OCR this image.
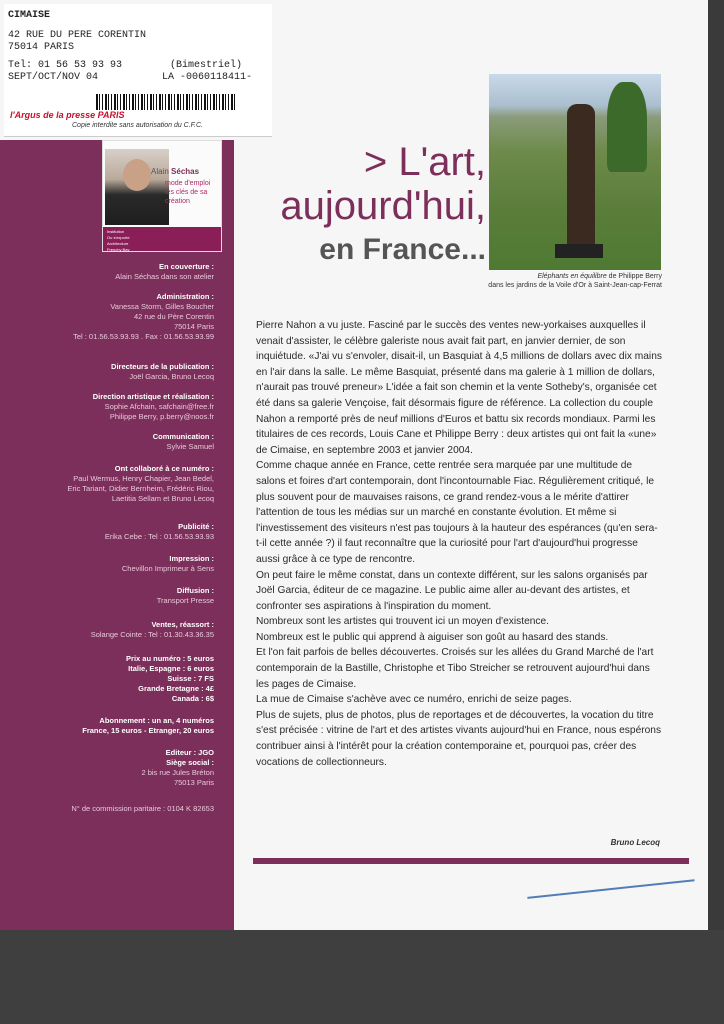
CIMAISE
42 RUE DU PERE CORENTIN
75014 PARIS
Tel: 01 56 53 93 93	(Bimestriel)
SEPT/OCT/NOV 04	LA -0060118411-
l'Argus de la presse PARIS
Copie interdite sans autorisation du C.F.C.
Alain Séchas
mode d'emploi les clés de sa création
Institution
Ou s'exporte
Architecture
Frenchy Bay
En couverture :
Alain Séchas dans son atelier
Administration :
Vanessa Storm, Gilles Boucher
42 rue du Père Corentin
75014 Paris
Tel : 01.56.53.93.93 . Fax : 01.56.53.93.99
Directeurs de la publication :
Joël Garcia, Bruno Lecoq
Direction artistique et réalisation :
Sophie Afchain, safchain@free.fr
Philippe Berry, p.berry@noos.fr
Communication :
Sylvie Samuel
Ont collaboré à ce numéro :
Paul Wermus, Henry Chapier, Jean Bedel,
Eric Tariant, Didier Bernheim, Frédéric Riou,
Laetitia Sellam et Bruno Lecoq
Publicité :
Erika Cebe : Tel : 01.56.53.93.93
Impression :
Chevillon Imprimeur à Sens
Diffusion :
Transport Presse
Ventes, réassort :
Solange Cointe : Tel : 01.30.43.36.35
Prix au numéro : 5 euros
Italie, Espagne : 6 euros
Suisse : 7 FS
Grande Bretagne : 4£
Canada : 6$
Abonnement : un an, 4 numéros
France, 15 euros - Etranger, 20 euros
Editeur : JGO
Siège social :
2 bis rue Jules Bréton
75013 Paris
N° de commission paritaire : 0104 K 82653
> L'art,
aujourd'hui,
en France...
Eléphants en équilibre de Philippe Berry
dans les jardins de la Voile d'Or à Saint-Jean-cap-Ferrat

Pierre Nahon a vu juste. Fasciné par le succès des ventes new-yorkaises auxquelles il venait d'assister, le célèbre galeriste nous avait fait part, en janvier dernier, de son inquiétude. «J'ai vu s'envoler, disait-il, un Basquiat à 4,5 millions de dollars avec dix mains en l'air dans la salle. Le même Basquiat, présenté dans ma galerie à 1 million de dollars, n'aurait pas trouvé preneur» L'idée a fait son chemin et la vente Sotheby's, organisée cet été dans sa galerie Vençoise, fait désormais figure de référence. La collection du couple Nahon a remporté près de neuf millions d'Euros et battu six records mondiaux. Parmi les titulaires de ces records, Louis Cane et Philippe Berry : deux artistes qui ont fait la «une» de Cimaise, en septembre 2003 et janvier 2004.

Comme chaque année en France, cette rentrée sera marquée par une multitude de salons et foires d'art contemporain, dont l'incontournable Fiac. Régulièrement critiqué, le plus souvent pour de mauvaises raisons, ce grand rendez-vous a le mérite d'attirer l'attention de tous les médias sur un marché en constante évolution. Et même si l'investissement des visiteurs n'est pas toujours à la hauteur des espérances (qu'en sera-t-il cette année ?) il faut reconnaître que la curiosité pour l'art d'aujourd'hui progresse aussi grâce à ce type de rencontre.

On peut faire le même constat, dans un contexte différent, sur les salons organisés par Joël Garcia, éditeur de ce magazine. Le public aime aller au-devant des artistes, et confronter ses aspirations à l'inspiration du moment.

Nombreux sont les artistes qui trouvent ici un moyen d'existence.

Nombreux est le public qui apprend à aiguiser son goût au hasard des stands.

Et l'on fait parfois de belles découvertes. Croisés sur les allées du Grand Marché de l'art contemporain de la Bastille, Christophe et Tibo Streicher se retrouvent aujourd'hui dans les pages de Cimaise.

La mue de Cimaise s'achève avec ce numéro, enrichi de seize pages.

Plus de sujets, plus de photos, plus de reportages et de découvertes, la vocation du titre s'est précisée : vitrine de l'art et des artistes vivants aujourd'hui en France, nous espérons contribuer ainsi à l'intérêt pour la création contemporaine et, pourquoi pas, créer des vocations de collectionneurs.

Bruno Lecoq
